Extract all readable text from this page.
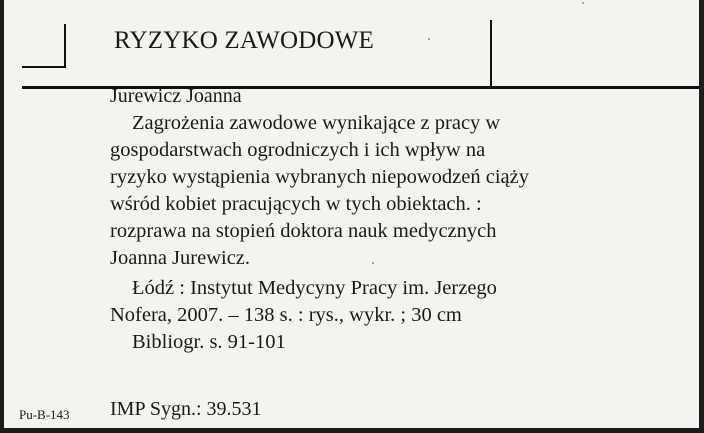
RYZYKO ZAWODOWE
Jurewicz Joanna
Zagrożenia zawodowe wynikające z pracy w
gospodarstwach ogrodniczych i ich wpływ na
ryzyko wystąpienia wybranych niepowodzeń ciąży
wśród kobiet pracujących w tych obiektach. :
rozprawa na stopień doktora nauk medycznych
Joanna Jurewicz.
Łódź : Instytut Medycyny Pracy im. Jerzego
Nofera, 2007. – 138 s. : rys., wykr. ; 30 cm
Bibliogr. s. 91-101
Pu-B-143 IMP Sygn.: 39.531
